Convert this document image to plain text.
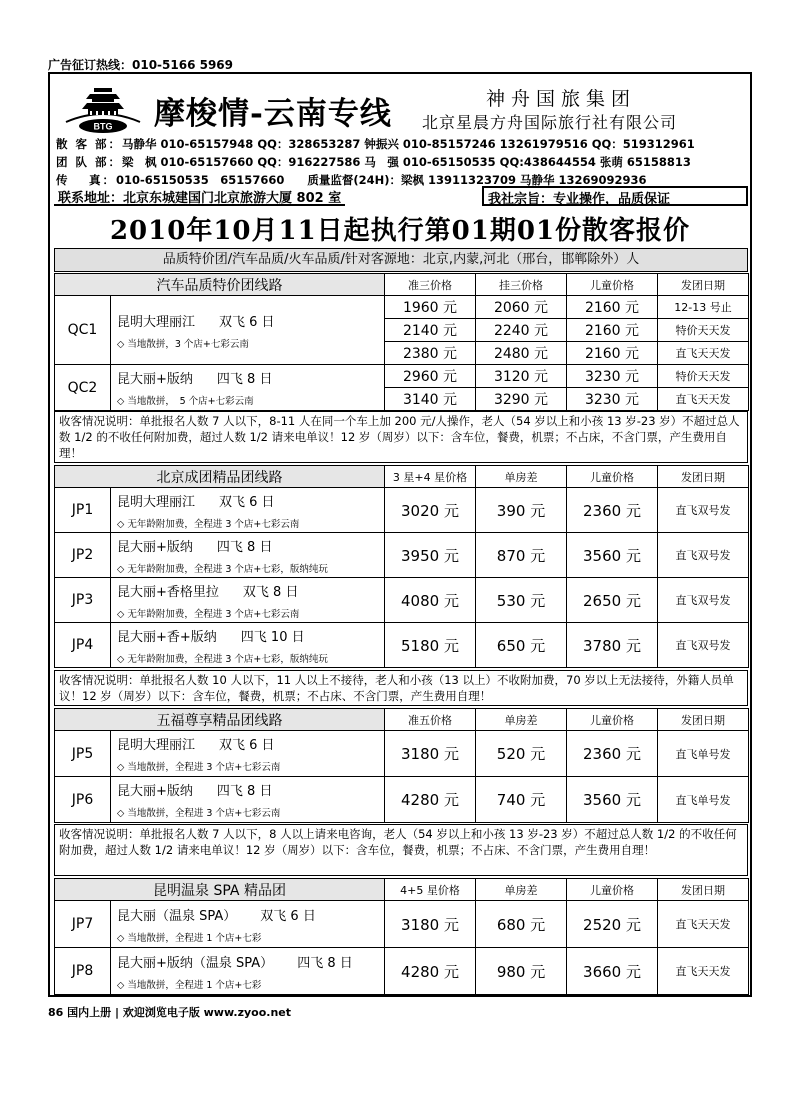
广告征订热线：010-5166 5969
BTG 摩梭情-云南专线	神舟国旅集团
北京星晨方舟国际旅行社有限公司
散 客 部：马静华 010-65157948 QQ：328653287 钟振兴 010-85157246 13261979516 QQ：519312961
团 队 部：梁　枫 010-65157660 QQ：916227586 马　强 010-65150535 QQ:438644554 张萌 65158813
传　 真：010-65150535　65157660　　质量监督(24H)：梁枫 13911323709 马静华 13269092936
联系地址：北京东城建国门北京旅游大厦 802 室	我社宗旨：专业操作，品质保证
2010年10月11日起执行第01期01份散客报价
品质特价团/汽车品质/火车品质/针对客源地：北京,内蒙,河北（邢台，邯郸除外）人
汽车品质特价团线路		准三价格	挂三价格	儿童价格	发团日期
QC1	昆明大理丽江 双飞 6 日
◇ 当地散拼，3 个店+七彩云南	1960 元	2060 元	2160 元	12-13 号止
		2140 元	2240 元	2160 元	特价天天发
		2380 元	2480 元	2160 元	直飞天天发
QC2	昆大丽+版纳 四飞 8 日
◇ 当地散拼，　5 个店+七彩云南	2960 元	3120 元	3230 元	特价天天发
		3140 元	3290 元	3230 元	直飞天天发
收客情况说明：单批报名人数 7 人以下，8-11 人在同一个车上加 200 元/人操作，老人（54 岁以上和小孩 13 岁-23 岁）不超过总人数 1/2 的不收任何附加费，超过人数 1/2 请来电单议！12 岁（周岁）以下：含车位，餐费，机票；不占床，不含门票，产生费用自理！
北京成团精品团线路		3 星+4 星价格	单房差	儿童价格	发团日期
JP1	昆明大理丽江 双飞 6 日
◇ 无年龄附加费，全程进 3 个店+七彩云南	3020 元	390 元	2360 元	直飞双号发
JP2	昆大丽+版纳 四飞 8 日
◇ 无年龄附加费，全程进 3 个店+七彩，版纳纯玩	3950 元	870 元	3560 元	直飞双号发
JP3	昆大丽+香格里拉 双飞 8 日
◇ 无年龄附加费，全程进 3 个店+七彩云南	4080 元	530 元	2650 元	直飞双号发
JP4	昆大丽+香+版纳 四飞 10 日
◇ 无年龄附加费，全程进 3 个店+七彩，版纳纯玩	5180 元	650 元	3780 元	直飞双号发
收客情况说明：单批报名人数 10 人以下，11 人以上不接待，老人和小孩（13 以上）不收附加费，70 岁以上无法接待，外籍人员单议！12 岁（周岁）以下：含车位，餐费，机票；不占床、不含门票，产生费用自理！
五福尊享精品团线路		准五价格	单房差	儿童价格	发团日期
JP5	昆明大理丽江 双飞 6 日
◇ 当地散拼，全程进 3 个店+七彩云南	3180 元	520 元	2360 元	直飞单号发
JP6	昆大丽+版纳 四飞 8 日
◇ 当地散拼，全程进 3 个店+七彩云南	4280 元	740 元	3560 元	直飞单号发
收客情况说明：单批报名人数 7 人以下，8 人以上请来电咨询，老人（54 岁以上和小孩 13 岁-23 岁）不超过总人数 1/2 的不收任何附加费，超过人数 1/2 请来电单议！12 岁（周岁）以下：含车位，餐费，机票；不占床、不含门票，产生费用自理！
昆明温泉 SPA 精品团		4+5 星价格	单房差	儿童价格	发团日期
JP7	昆大丽（温泉 SPA） 双飞 6 日
◇ 当地散拼，全程进 1 个店+七彩	3180 元	680 元	2520 元	直飞天天发
JP8	昆大丽+版纳（温泉 SPA） 四飞 8 日
◇ 当地散拼，全程进 1 个店+七彩	4280 元	980 元	3660 元	直飞天天发
86 国内上册 | 欢迎浏览电子版 www.zyoo.net
